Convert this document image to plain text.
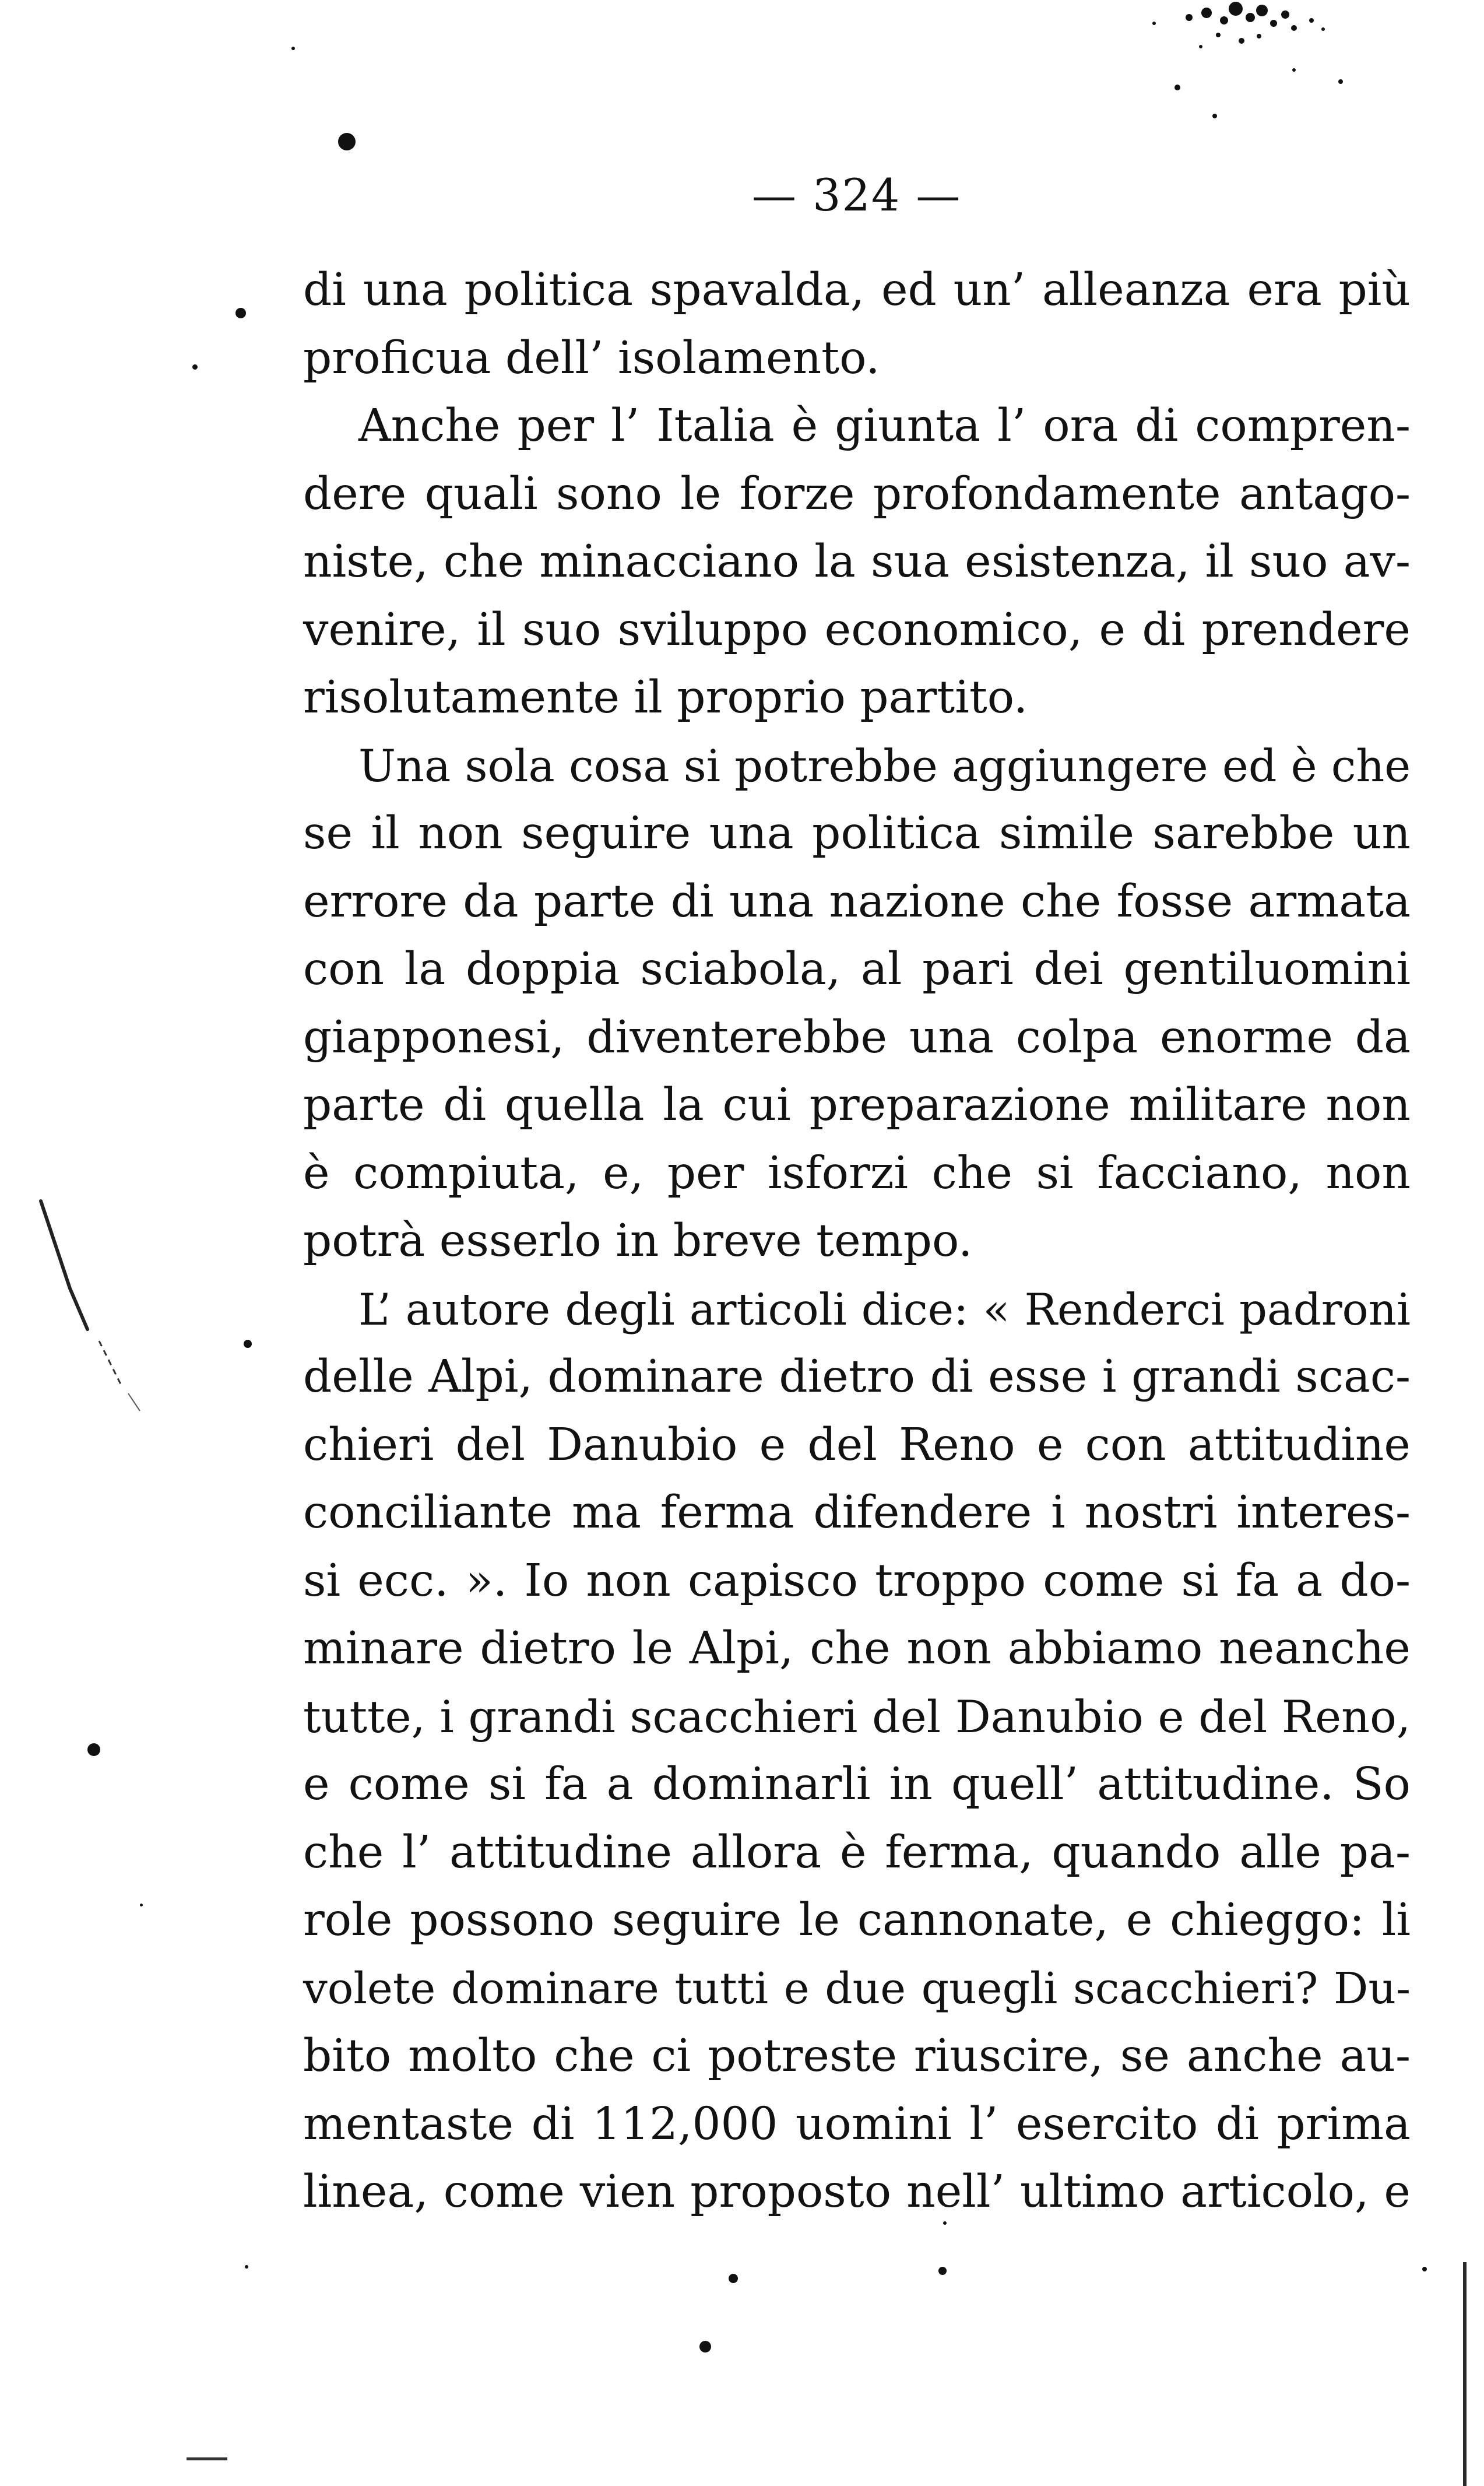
— 324 —
di una politica spavalda, ed un’ alleanza era più
proficua dell’ isolamento.
Anche per l’ Italia è giunta l’ ora di compren-
dere quali sono le forze profondamente antago-
niste, che minacciano la sua esistenza, il suo av-
venire, il suo sviluppo economico, e di prendere
risolutamente il proprio partito.
Una sola cosa si potrebbe aggiungere ed è che
se il non seguire una politica simile sarebbe un
errore da parte di una nazione che fosse armata
con la doppia sciabola, al pari dei gentiluomini
giapponesi, diventerebbe una colpa enorme da
parte di quella la cui preparazione militare non
è compiuta, e, per isforzi che si facciano, non
potrà esserlo in breve tempo.
L’ autore degli articoli dice: « Renderci padroni
delle Alpi, dominare dietro di esse i grandi scac-
chieri del Danubio e del Reno e con attitudine
conciliante ma ferma difendere i nostri interes-
si ecc. ». Io non capisco troppo come si fa a do-
minare dietro le Alpi, che non abbiamo neanche
tutte, i grandi scacchieri del Danubio e del Reno,
e come si fa a dominarli in quell’ attitudine. So
che l’ attitudine allora è ferma, quando alle pa-
role possono seguire le cannonate, e chieggo: li
volete dominare tutti e due quegli scacchieri? Du-
bito molto che ci potreste riuscire, se anche au-
mentaste di 112,000 uomini l’ esercito di prima
linea, come vien proposto nell’ ultimo articolo, e
